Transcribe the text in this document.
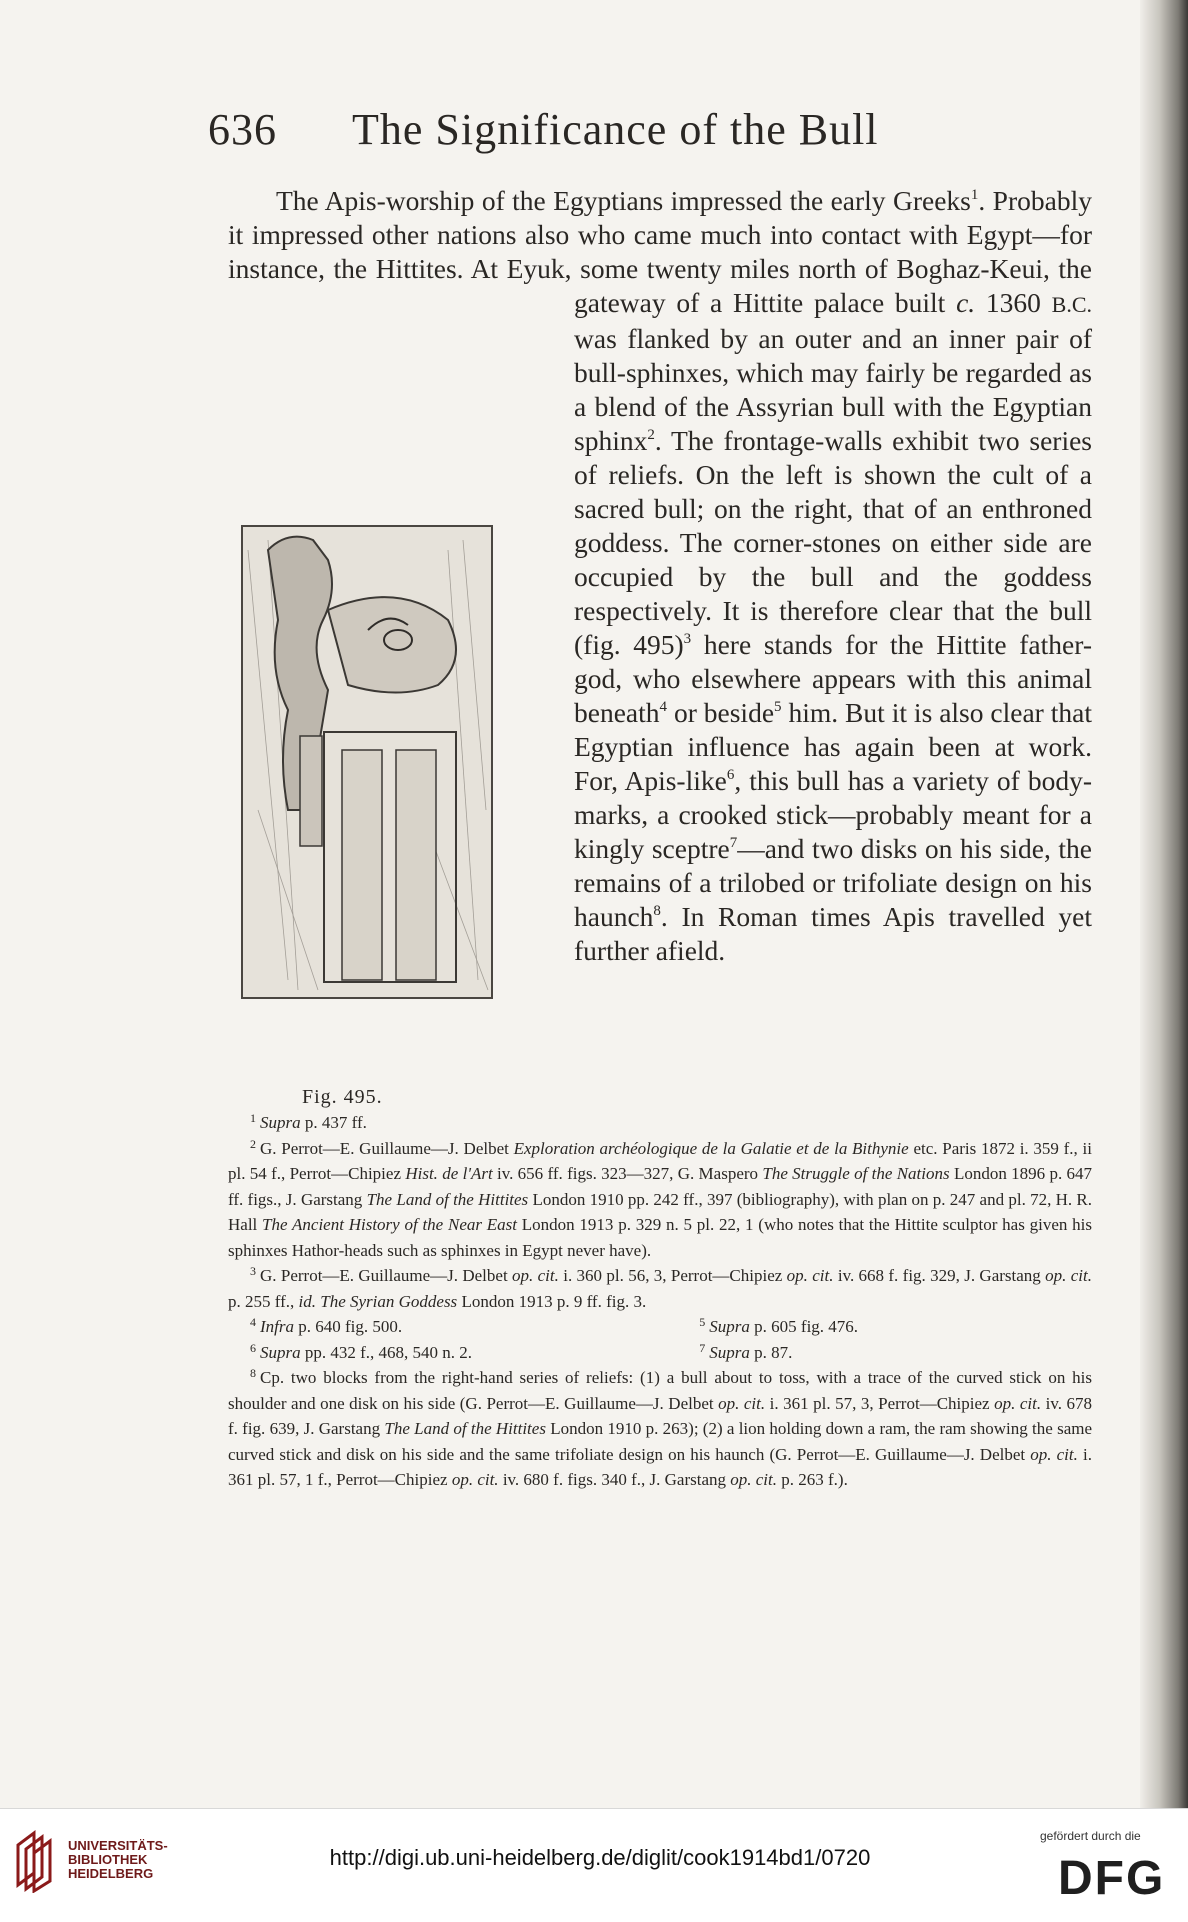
636 The Significance of the Bull
Fig. 495.

The Apis-worship of the Egyptians impressed the early Greeks$^1$. Probably it impressed other nations also who came much into contact with Egypt—for instance, the Hittites. At Eyuk, some twenty miles north of Boghaz-Keui, the gateway of a Hittite palace built c. 1360 B.C. was flanked by an outer and an inner pair of bull-sphinxes, which may fairly be regarded as a blend of the Assyrian bull with the Egyptian sphinx$^2$. The frontage-walls exhibit two series of reliefs. On the left is shown the cult of a sacred bull; on the right, that of an enthroned goddess. The corner-stones on either side are occupied by the bull and the goddess respectively. It is therefore clear that the bull (fig. 495)$^3$ here stands for the Hittite father-god, who elsewhere appears with this animal beneath$^4$ or beside$^5$ him. But it is also clear that Egyptian influence has again been at work. For, Apis-like$^6$, this bull has a variety of body-marks, a crooked stick—probably meant for a kingly sceptre$^7$—and two disks on his side, the remains of a trilobed or trifoliate design on his haunch$^8$. In Roman times Apis travelled yet further afield.

$^1$ Supra p. 437 ff.

$^2$ G. Perrot—E. Guillaume—J. Delbet Exploration archéologique de la Galatie et de la Bithynie etc. Paris 1872 i. 359 f., ii pl. 54 f., Perrot—Chipiez Hist. de l'Art iv. 656 ff. figs. 323—327, G. Maspero The Struggle of the Nations London 1896 p. 647 ff. figs., J. Garstang The Land of the Hittites London 1910 pp. 242 ff., 397 (bibliography), with plan on p. 247 and pl. 72, H. R. Hall The Ancient History of the Near East London 1913 p. 329 n. 5 pl. 22, 1 (who notes that the Hittite sculptor has given his sphinxes Hathor-heads such as sphinxes in Egypt never have).

$^3$ G. Perrot—E. Guillaume—J. Delbet op. cit. i. 360 pl. 56, 3, Perrot—Chipiez op. cit. iv. 668 f. fig. 329, J. Garstang op. cit. p. 255 ff., id. The Syrian Goddess London 1913 p. 9 ff. fig. 3.

$^4$ Infra p. 640 fig. 500.	$^5$ Supra p. 605 fig. 476.

$^6$ Supra pp. 432 f., 468, 540 n. 2.	$^7$ Supra p. 87.

$^8$ Cp. two blocks from the right-hand series of reliefs: (1) a bull about to toss, with a trace of the curved stick on his shoulder and one disk on his side (G. Perrot—E. Guillaume—J. Delbet op. cit. i. 361 pl. 57, 3, Perrot—Chipiez op. cit. iv. 678 f. fig. 639, J. Garstang The Land of the Hittites London 1910 p. 263); (2) a lion holding down a ram, the ram showing the same curved stick and disk on his side and the same trifoliate design on his haunch (G. Perrot—E. Guillaume—J. Delbet op. cit. i. 361 pl. 57, 1 f., Perrot—Chipiez op. cit. iv. 680 f. figs. 340 f., J. Garstang op. cit. p. 263 f.).

UNIVERSITÄTS-
BIBLIOTHEK
HEIDELBERG
http://digi.ub.uni-heidelberg.de/diglit/cook1914bd1/0720
gefördert durch die
DFG
